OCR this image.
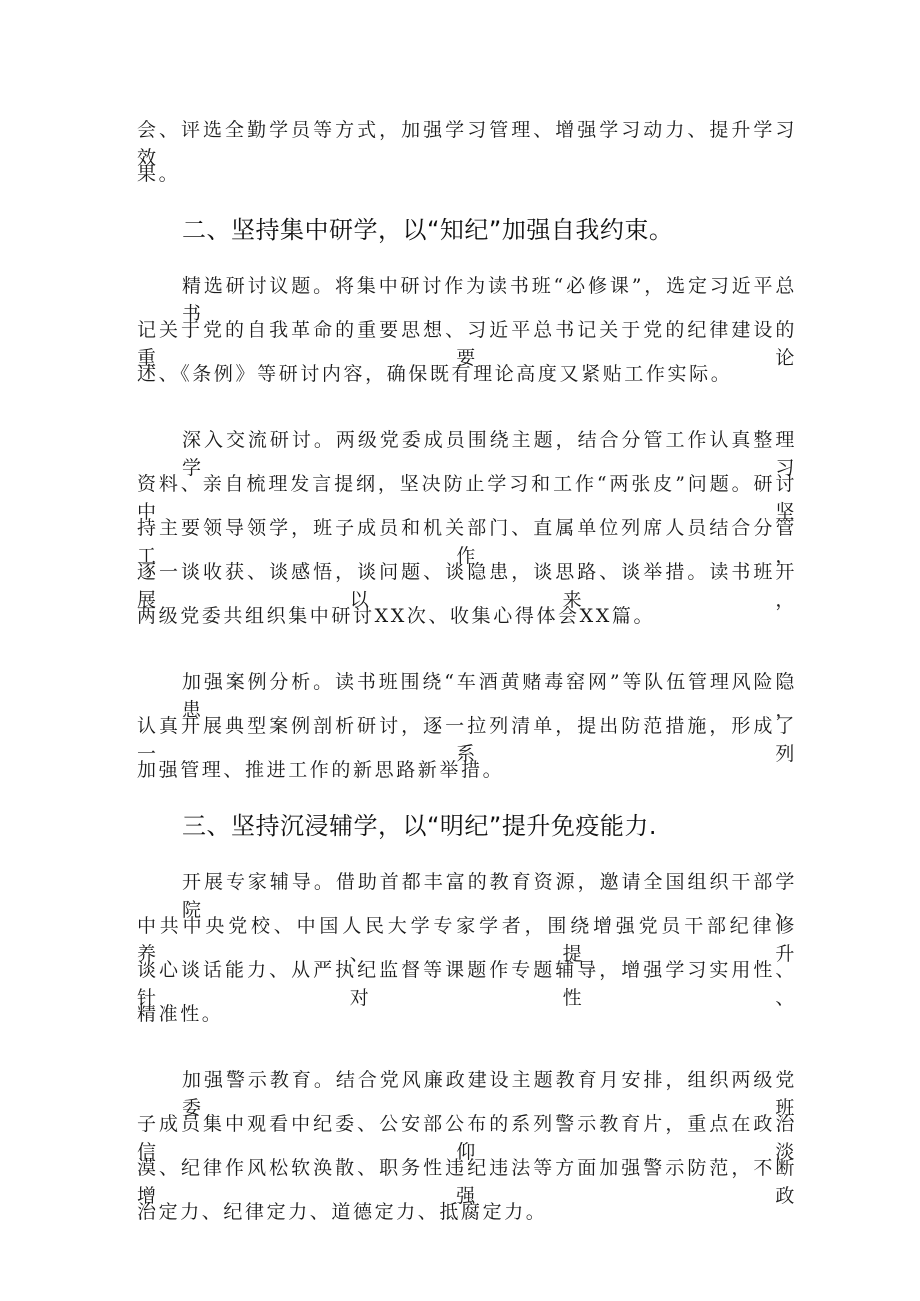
会、评选全勤学员等方式，加强学习管理、增强学习动力、提升学习效
果。
二、坚持集中研学，以“知纪”加强自我约束。
精选研讨议题。将集中研讨作为读书班“必修课”，选定习近平总书
记关于党的自我革命的重要思想、习近平总书记关于党的纪律建设的重要论
述、《条例》等研讨内容，确保既有理论高度又紧贴工作实际。
深入交流研讨。两级党委成员围绕主题，结合分管工作认真整理学习
资料、亲自梳理发言提纲，坚决防止学习和工作“两张皮”问题。研讨中坚
持主要领导领学，班子成员和机关部门、直属单位列席人员结合分管工作，
逐一谈收获、谈感悟，谈问题、谈隐患，谈思路、谈举措。读书班开展以来，
两级党委共组织集中研讨XX次、收集心得体会XX篇。
加强案例分析。读书班围绕“车酒黄赌毒窑网”等队伍管理风险隐患，
认真开展典型案例剖析研讨，逐一拉列清单，提出防范措施，形成了一系列
加强管理、推进工作的新思路新举措。
三、坚持沉浸辅学，以“明纪”提升免疫能力.
开展专家辅导。借助首都丰富的教育资源，邀请全国组织干部学院、
中共中央党校、中国人民大学专家学者，围绕增强党员干部纪律修养、提升
谈心谈话能力、从严执纪监督等课题作专题辅导，增强学习实用性、针对性、
精准性。
加强警示教育。结合党风廉政建设主题教育月安排，组织两级党委班
子成员集中观看中纪委、公安部公布的系列警示教育片，重点在政治信仰淡
漠、纪律作风松软涣散、职务性违纪违法等方面加强警示防范，不断增强政
治定力、纪律定力、道德定力、抵腐定力。
